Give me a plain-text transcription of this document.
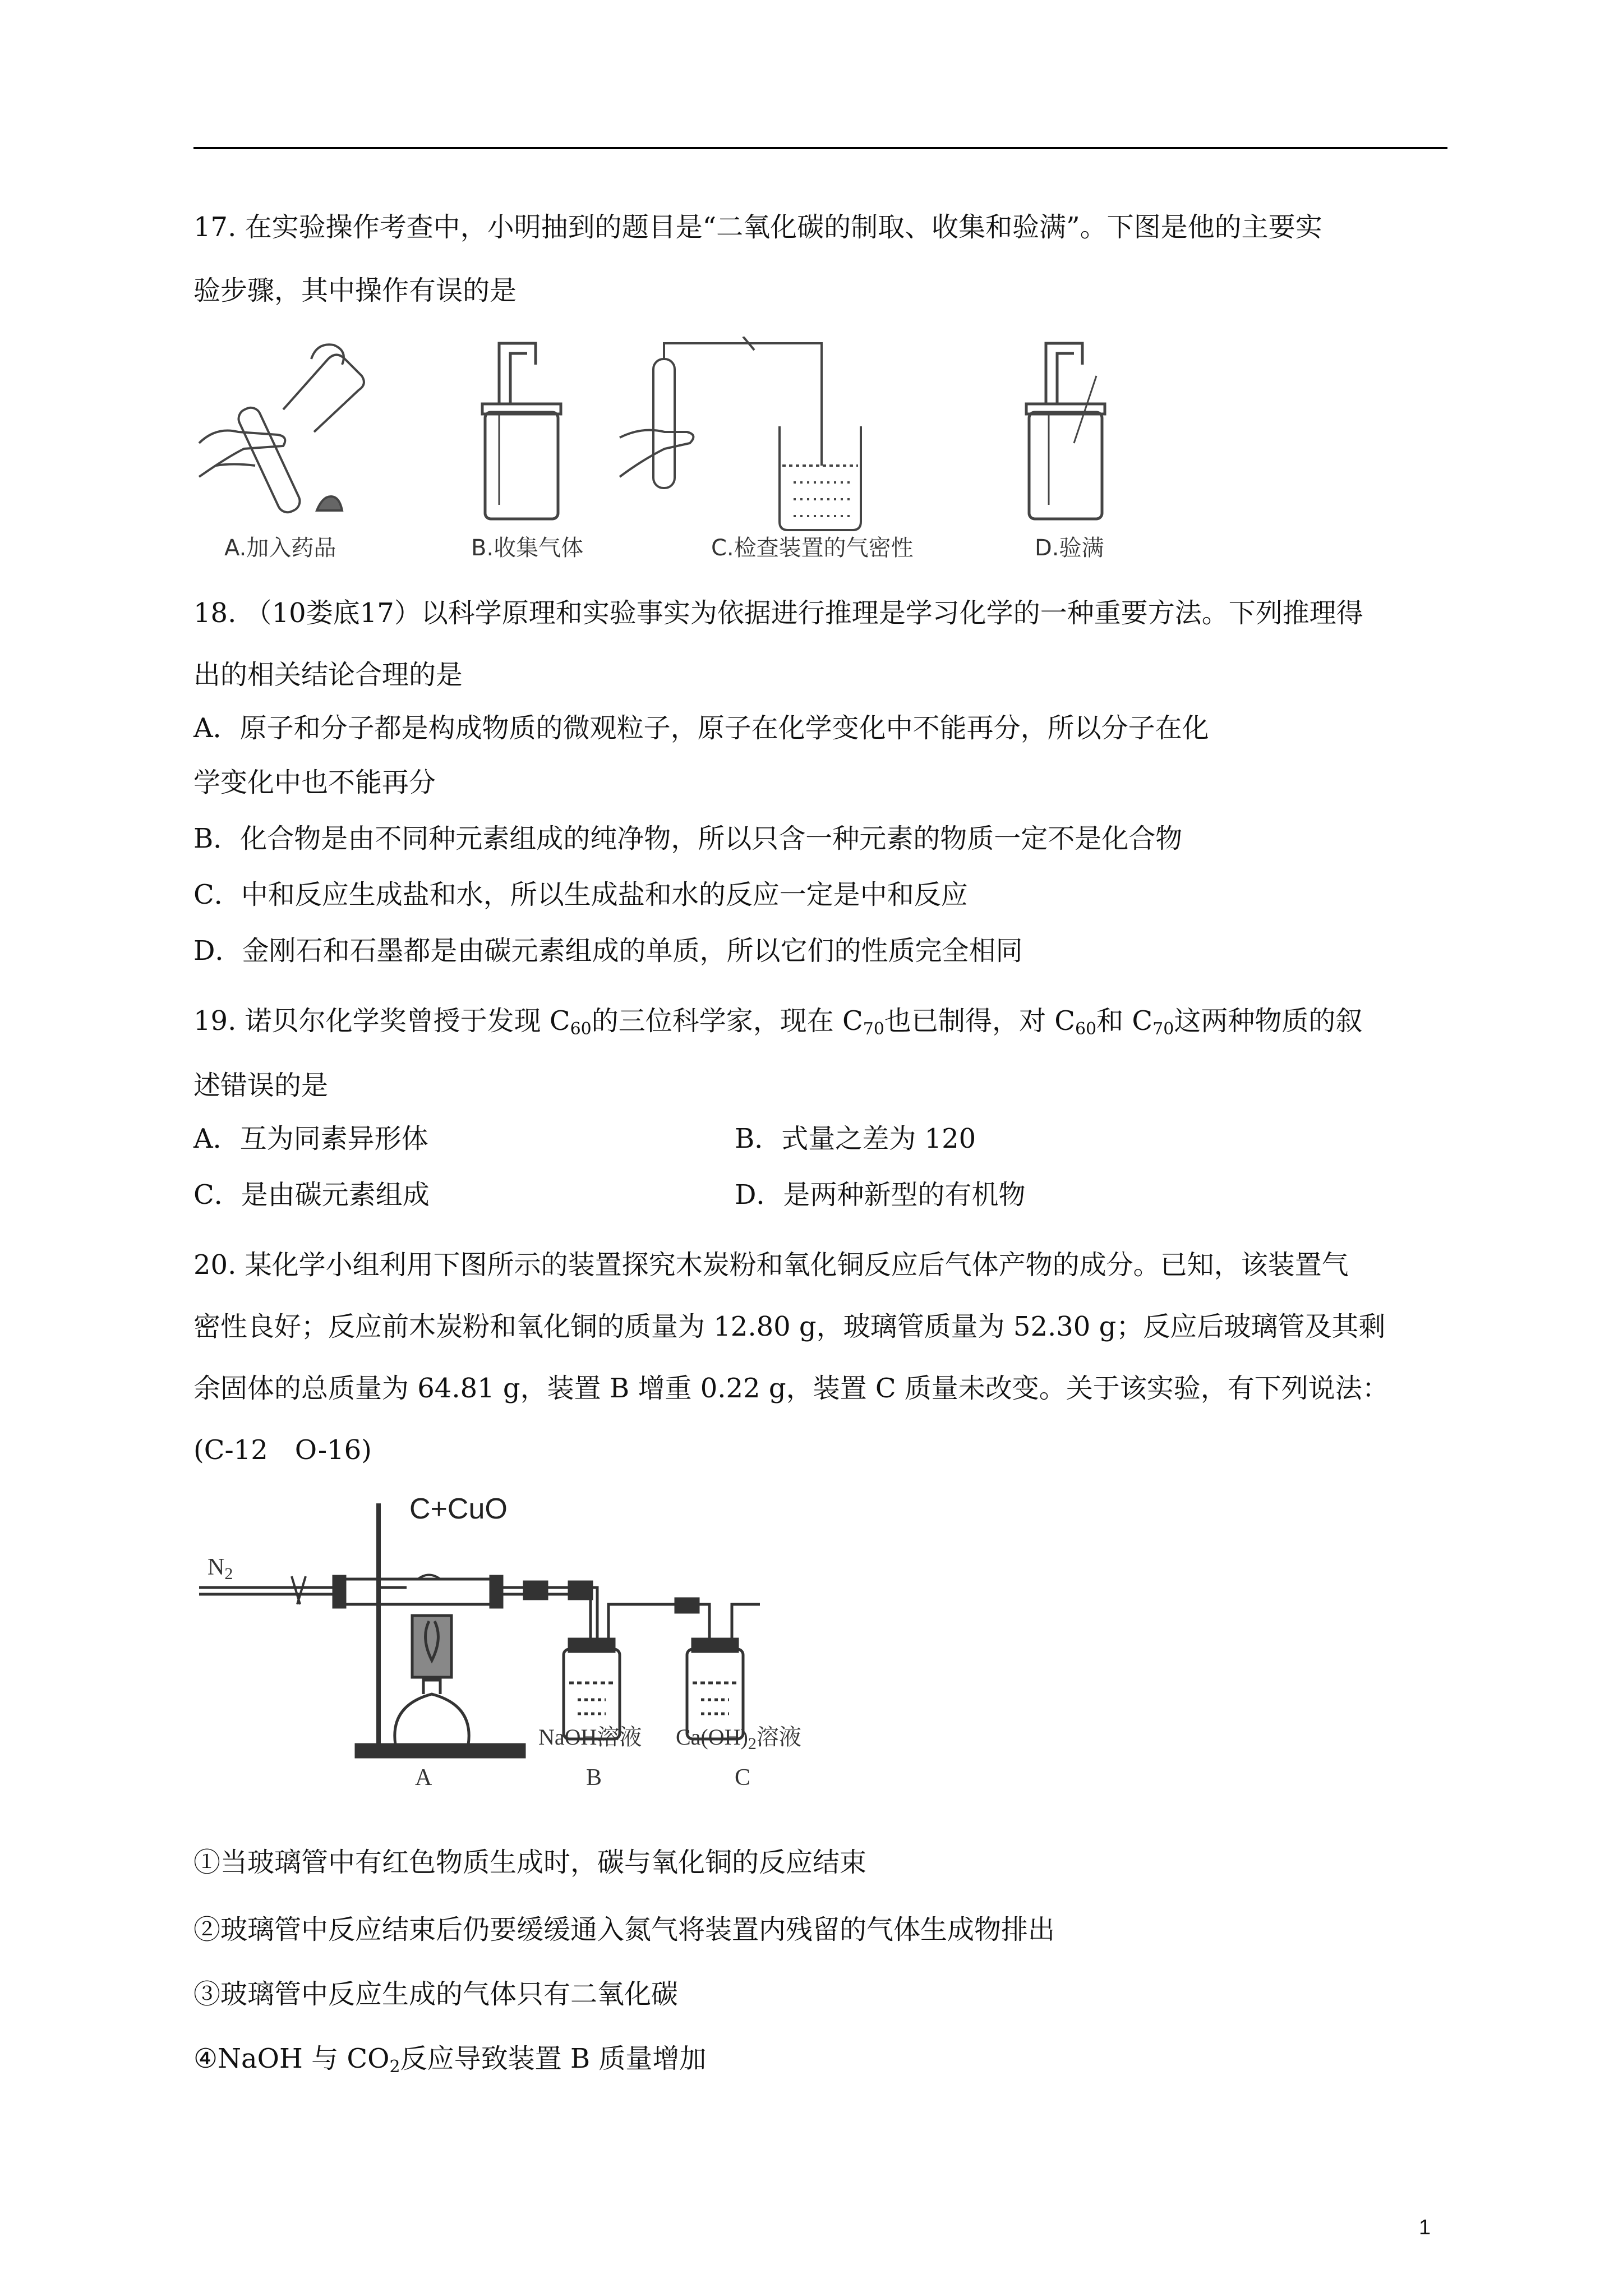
17. 在实验操作考查中，小明抽到的题目是“二氧化碳的制取、收集和验满”。下图是他的主要实
验步骤，其中操作有误的是
A.加入药品	B.收集气体	C.检查装置的气密性	D.验满
18. （10娄底17）以科学原理和实验事实为依据进行推理是学习化学的一种重要方法。下列推理得
出的相关结论合理的是
A．原子和分子都是构成物质的微观粒子，原子在化学变化中不能再分，所以分子在化
学变化中也不能再分
B．化合物是由不同种元素组成的纯净物，所以只含一种元素的物质一定不是化合物
C．中和反应生成盐和水，所以生成盐和水的反应一定是中和反应
D．金刚石和石墨都是由碳元素组成的单质，所以它们的性质完全相同
19. 诺贝尔化学奖曾授于发现 $C_{60}$的三位科学家，现在 $C_{70}$也已制得，对 $C_{60}$和 $C_{70}$这两种物质的叙
述错误的是
A．互为同素异形体	B．式量之差为 120
C．是由碳元素组成	D．是两种新型的有机物
20. 某化学小组利用下图所示的装置探究木炭粉和氧化铜反应后气体产物的成分。已知，该装置气
密性良好；反应前木炭粉和氧化铜的质量为 12.80 g，玻璃管质量为 52.30 g；反应后玻璃管及其剩
余固体的总质量为 64.81 g，装置 B 增重 0.22 g，装置 C 质量未改变。关于该实验，有下列说法：
(C-12　O-16)
$N_2$
C+CuO
NaOH溶液 $Ca(OH)_2$溶液
A	B	C
①当玻璃管中有红色物质生成时，碳与氧化铜的反应结束
②玻璃管中反应结束后仍要缓缓通入氮气将装置内残留的气体生成物排出
③玻璃管中反应生成的气体只有二氧化碳
④NaOH 与 $CO_2$反应导致装置 B 质量增加
1
